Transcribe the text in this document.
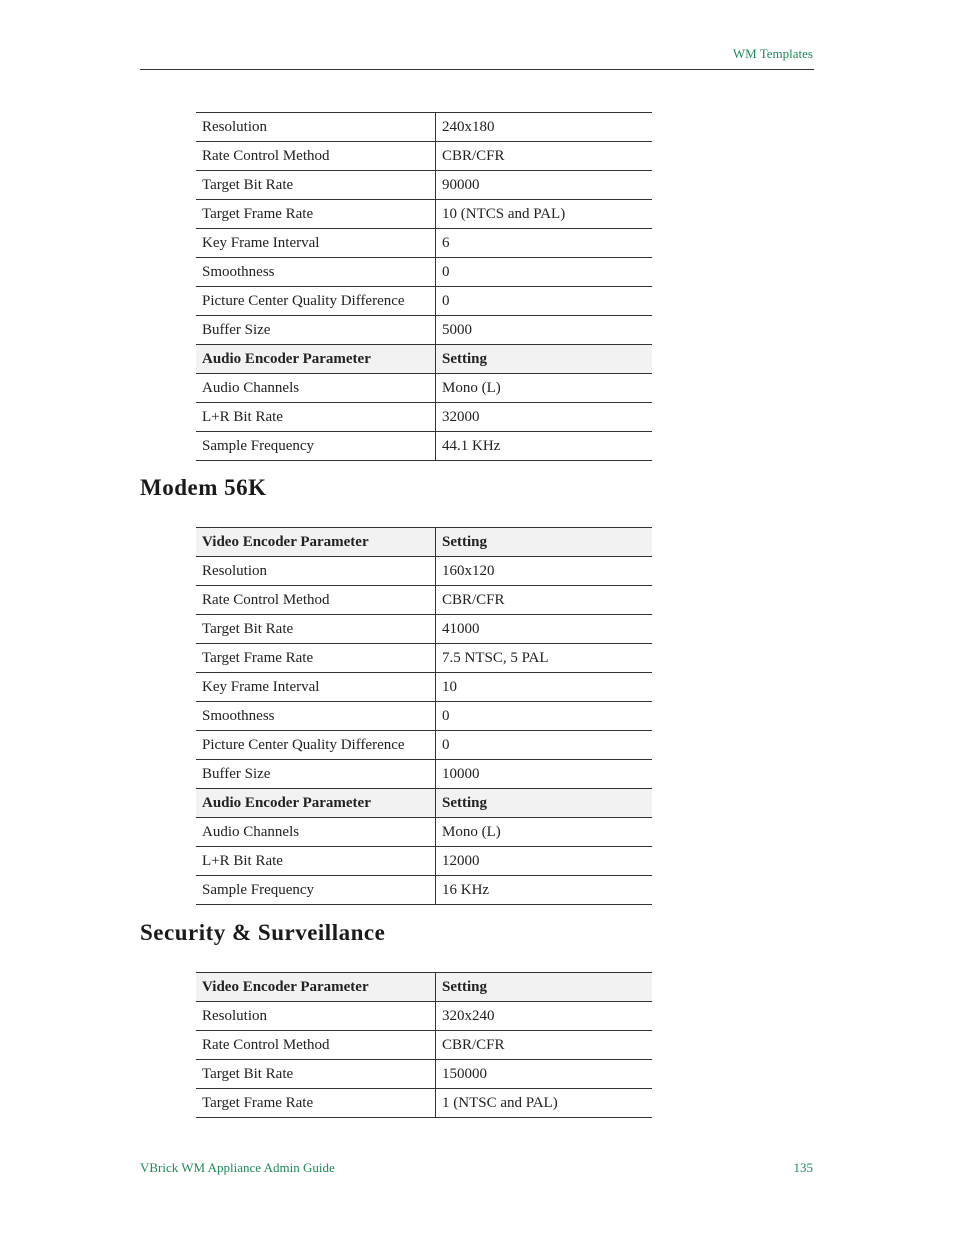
WM Templates
Resolution	240x180
Rate Control Method	CBR/CFR
Target Bit Rate	90000
Target Frame Rate	10 (NTCS and PAL)
Key Frame Interval	6
Smoothness	0
Picture Center Quality Difference	0
Buffer Size	5000
Audio Encoder Parameter	Setting
Audio Channels	Mono (L)
L+R Bit Rate	32000
Sample Frequency	44.1 KHz
Modem 56K
Video Encoder Parameter	Setting
Resolution	160x120
Rate Control Method	CBR/CFR
Target Bit Rate	41000
Target Frame Rate	7.5 NTSC, 5 PAL
Key Frame Interval	10
Smoothness	0
Picture Center Quality Difference	0
Buffer Size	10000
Audio Encoder Parameter	Setting
Audio Channels	Mono (L)
L+R Bit Rate	12000
Sample Frequency	16 KHz
Security & Surveillance
Video Encoder Parameter	Setting
Resolution	320x240
Rate Control Method	CBR/CFR
Target Bit Rate	150000
Target Frame Rate	1 (NTSC and PAL)
VBrick WM Appliance Admin Guide	135
